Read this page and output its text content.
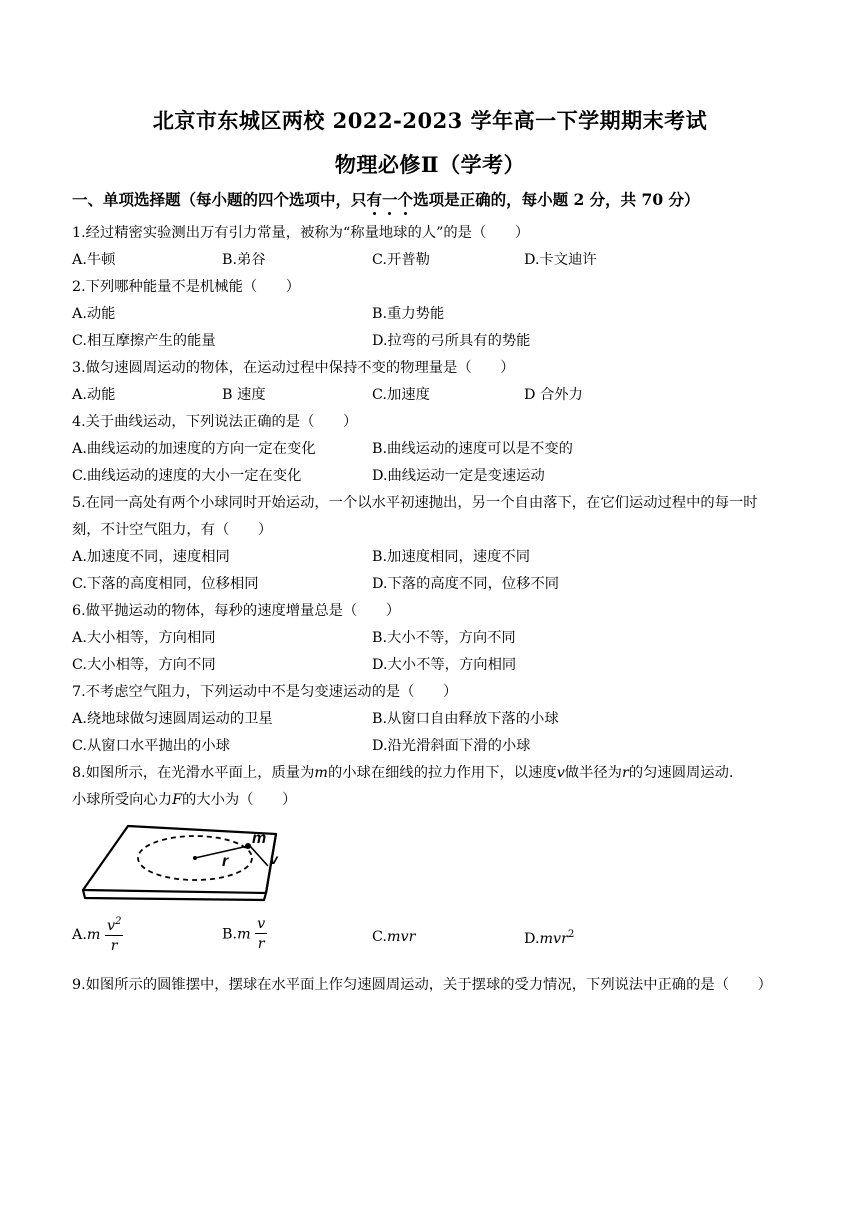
北京市东城区两校 2022-2023 学年高一下学期期末考试
物理必修Ⅱ（学考）
一、单项选择题（每小题的四个选项中，只有一个选项是正确的，每小题 2 分，共 70 分）
1.经过精密实验测出万有引力常量，被称为“称量地球的人”的是（　　）
A.牛顿	B.弟谷	C.开普勒	D.卡文迪许
2.下列哪种能量不是机械能（　　）
A.动能	B.重力势能
C.相互摩擦产生的能量	D.拉弯的弓所具有的势能
3.做匀速圆周运动的物体，在运动过程中保持不变的物理量是（　　）
A.动能	B 速度	C.加速度	D 合外力
4.关于曲线运动，下列说法正确的是（　　）
A.曲线运动的加速度的方向一定在变化	B.曲线运动的速度可以是不变的
C.曲线运动的速度的大小一定在变化	D.曲线运动一定是变速运动
5.在同一高处有两个小球同时开始运动，一个以水平初速抛出，另一个自由落下，在它们运动过程中的每一时
刻，不计空气阻力，有（　　）
A.加速度不同，速度相同	B.加速度相同，速度不同
C.下落的高度相同，位移相同	D.下落的高度不同，位移不同
6.做平抛运动的物体，每秒的速度增量总是（　　）
A.大小相等，方向相同	B.大小不等，方向不同
C.大小相等，方向不同	D.大小不等，方向相同
7.不考虑空气阻力，下列运动中不是匀变速运动的是（　　）
A.绕地球做匀速圆周运动的卫星	B.从窗口自由释放下落的小球
C.从窗口水平抛出的小球	D.沿光滑斜面下滑的小球
8.如图所示，在光滑水平面上，质量为m的小球在细线的拉力作用下，以速度v做半径为r的匀速圆周运动.
小球所受向心力F的大小为（　　）
m
r	v
$A.m \frac{v^2}{r}$	$B.m \frac{v}{r}$	C.mvr	D.mvr$^2$
9.如图所示的圆锥摆中，摆球在水平面上作匀速圆周运动，关于摆球的受力情况，下列说法中正确的是（　　）
